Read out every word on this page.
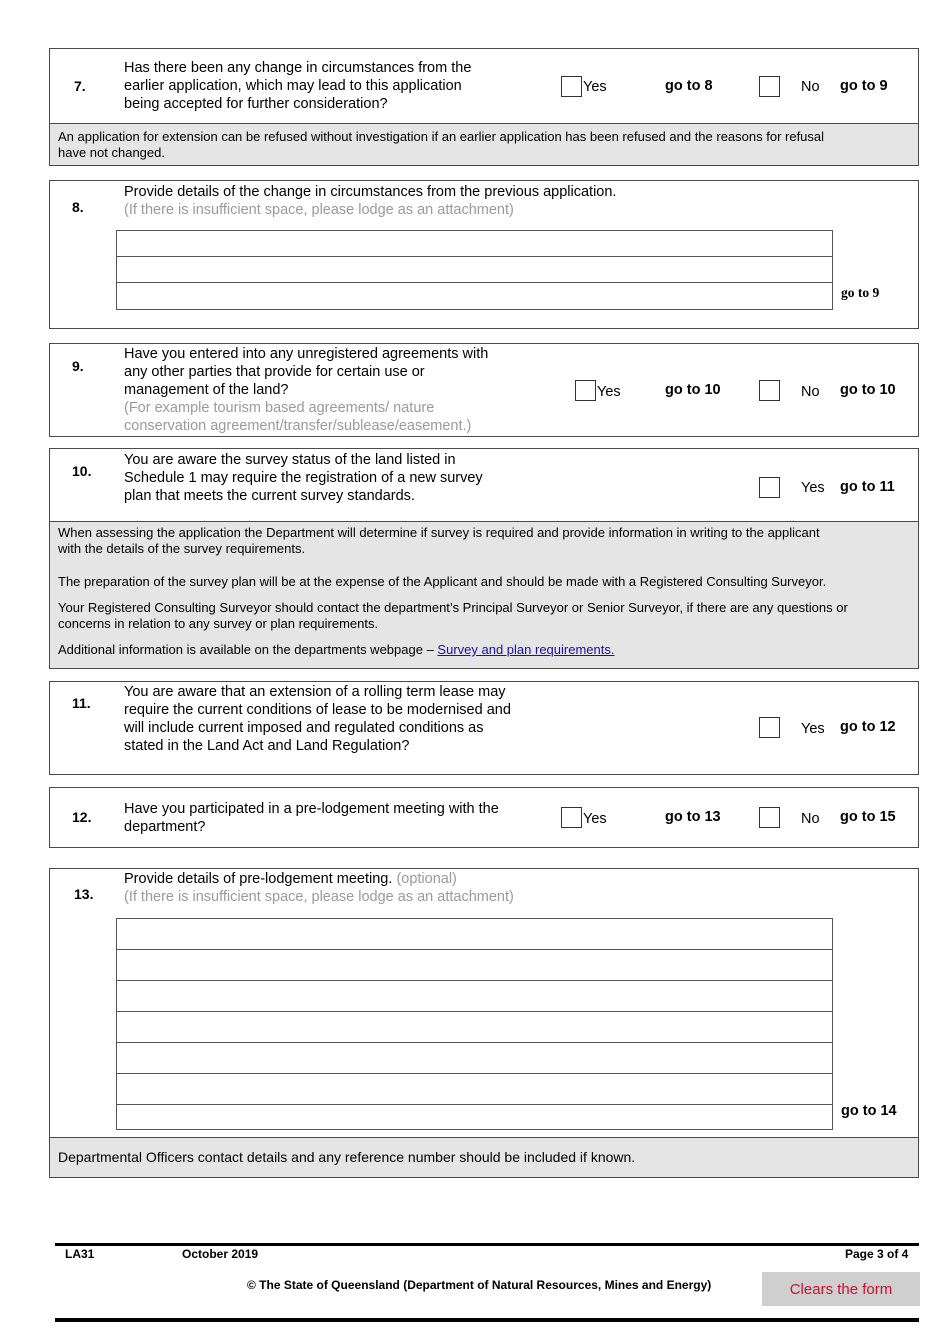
7.
Has there been any change in circumstances from the
earlier application, which may lead to this application
being accepted for further consideration?
Yes	go to 8	No go to 9

An application for extension can be refused without investigation if an earlier application has been refused and the reasons for refusal

have not changed.

8.
Provide details of the change in circumstances from the previous application.
(If there is insufficient space, please lodge as an attachment)
go to 9
9.
Have you entered into any unregistered agreements with
any other parties that provide for certain use or
management of the land?
(For example tourism based agreements/ nature
conservation agreement/transfer/sublease/easement.)
Yes	go to 10	No go to 10
10.
You are aware the survey status of the land listed in
Schedule 1 may require the registration of a new survey
plan that meets the current survey standards.	Yes go to 11

When assessing the application the Department will determine if survey is required and provide information in writing to the applicant

with the details of the survey requirements.

The preparation of the survey plan will be at the expense of the Applicant and should be made with a Registered Consulting Surveyor.

Your Registered Consulting Surveyor should contact the department’s Principal Surveyor or Senior Surveyor, if there are any questions or

concerns in relation to any survey or plan requirements.

Additional information is available on the departments webpage – Survey and plan requirements.

11.
You are aware that an extension of a rolling term lease may
require the current conditions of lease to be modernised and
will include current imposed and regulated conditions as
stated in the Land Act and Land Regulation?
Yes go to 12
12. Have you participated in a pre-lodgement meeting with the
department?	Yes	go to 13	No go to 15
13.
Provide details of pre-lodgement meeting. (optional)
(If there is insufficient space, please lodge as an attachment)
go to 14

Departmental Officers contact details and any reference number should be included if known.

LA31	October 2019	Page 3 of 4
© The State of Queensland (Department of Natural Resources, Mines and Energy)	Clears the form
